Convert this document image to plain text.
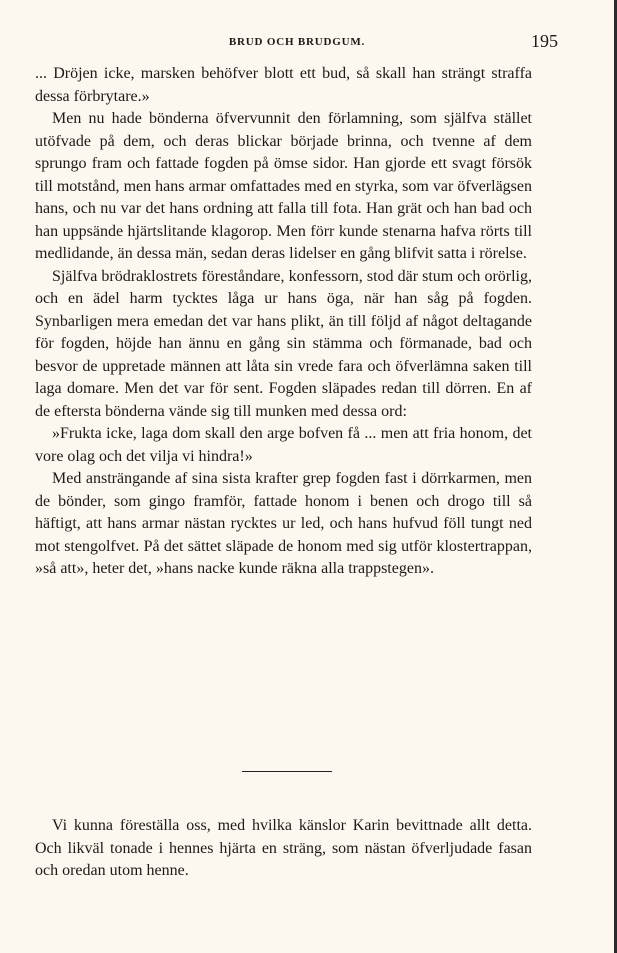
BRUD OCH BRUDGUM.	195

... Dröjen icke, marsken behöfver blott ett bud, så skall han strängt straffa dessa förbrytare.»

Men nu hade bönderna öfvervunnit den förlamning, som själfva stället utöfvade på dem, och deras blickar började brinna, och tvenne af dem sprungo fram och fattade fogden på ömse sidor. Han gjorde ett svagt försök till motstånd, men hans armar omfattades med en styrka, som var öfverlägsen hans, och nu var det hans ordning att falla till fota. Han grät och han bad och han uppsände hjärtslitande klagorop. Men förr kunde stenarna hafva rörts till medlidande, än dessa män, sedan deras lidelser en gång blifvit satta i rörelse.

Själfva brödraklostrets föreståndare, konfessorn, stod där stum och orörlig, och en ädel harm tycktes låga ur hans öga, när han såg på fogden. Synbarligen mera emedan det var hans plikt, än till följd af något deltagande för fogden, höjde han ännu en gång sin stämma och förmanade, bad och besvor de uppretade männen att låta sin vrede fara och öfverlämna saken till laga domare. Men det var för sent. Fogden släpades redan till dörren. En af de efterstа bönderna vände sig till munken med dessa ord:

»Frukta icke, laga dom skall den arge bofven få ... men att fria honom, det vore olag och det vilja vi hindra!»

Med ansträngande af sina sista krafter grep fogden fast i dörrkarmen, men de bönder, som gingo framför, fattade honom i benen och drogo till så häftigt, att hans armar nästan rycktes ur led, och hans hufvud föll tungt ned mot stengolfvet. På det sättet släpade de honom med sig utför klostertrappan, »så att», heter det, »hans nacke kunde räkna alla trappstegen».

Vi kunna föreställa oss, med hvilka känslor Karin bevittnade allt detta. Och likväl tonade i hennes hjärta en sträng, som nästan öfverljudade fasan och oredan utom henne.
